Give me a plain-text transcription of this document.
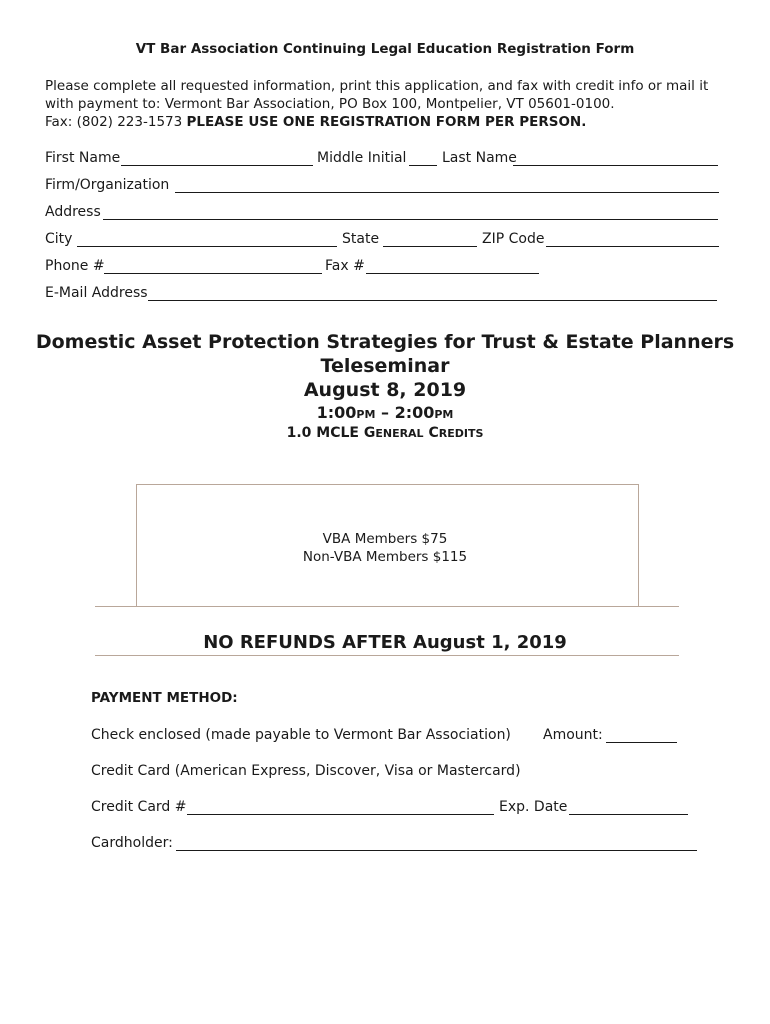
VT Bar Association Continuing Legal Education Registration Form
Please complete all requested information, print this application, and fax with credit info or mail it
with payment to: Vermont Bar Association, PO Box 100, Montpelier, VT 05601-0100.
Fax: (802) 223-1573 PLEASE USE ONE REGISTRATION FORM PER PERSON.
First Name	Middle Initial	Last Name
Firm/Organization
Address
City	State	ZIP Code
Phone #	Fax #
E-Mail Address
Domestic Asset Protection Strategies for Trust & Estate Planners
Teleseminar
August 8, 2019
1:00PM – 2:00PM
1.0 MCLE GENERAL CREDITS
VBA Members $75
Non-VBA Members $115
NO REFUNDS AFTER August 1, 2019
PAYMENT METHOD:
Check enclosed (made payable to Vermont Bar Association) Amount:
Credit Card (American Express, Discover, Visa or Mastercard)
Credit Card #	Exp. Date
Cardholder:
